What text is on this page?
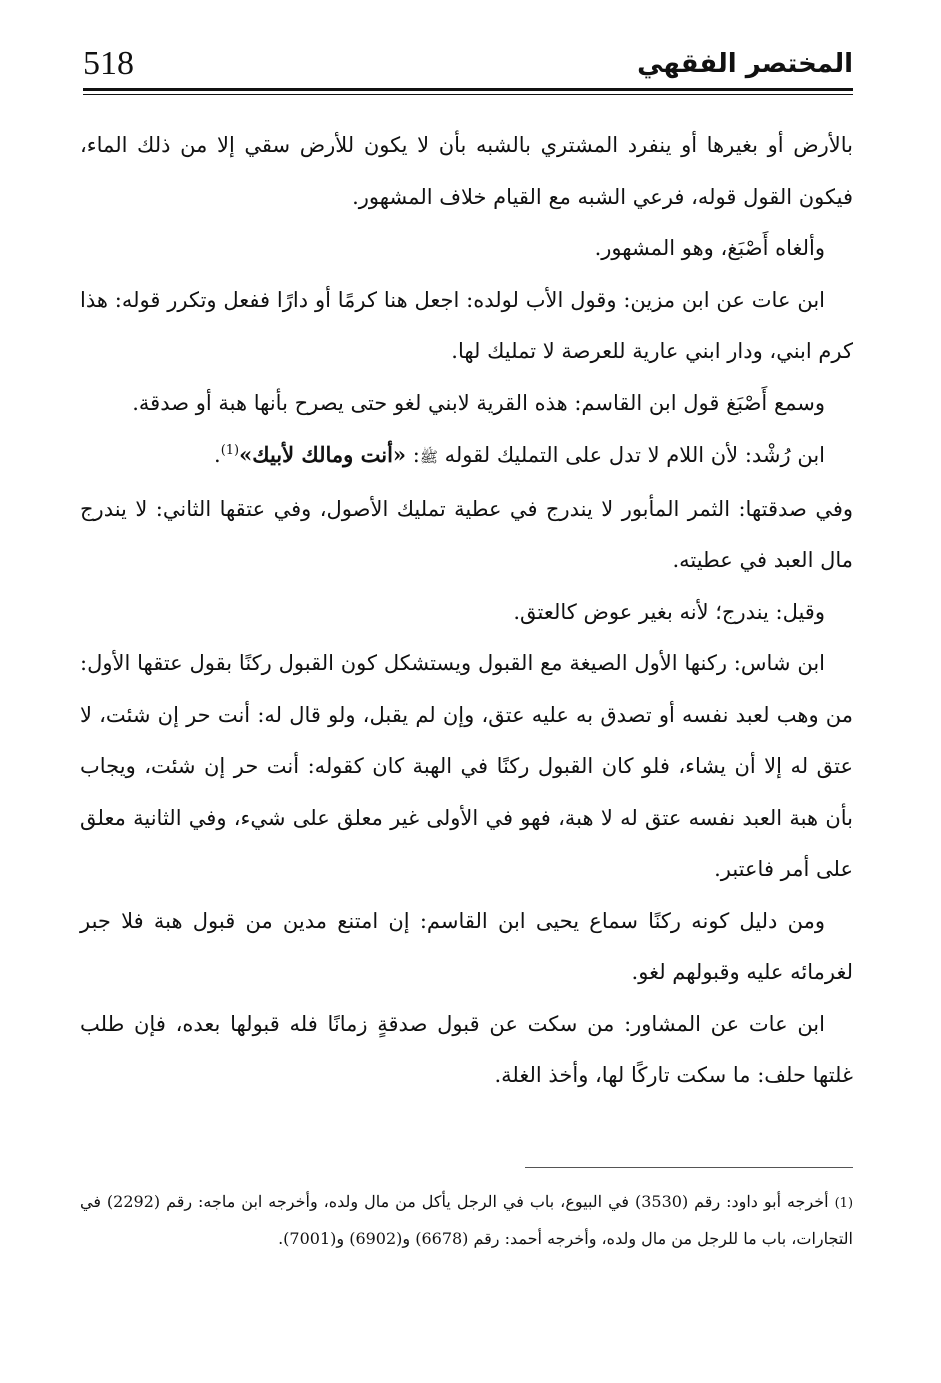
518	المختصر الفقهي

بالأرض أو بغيرها أو ينفرد المشتري بالشبه بأن لا يكون للأرض سقي إلا من ذلك الماء، فيكون القول قوله، فرعي الشبه مع القيام خلاف المشهور.

وألغاه أَصْبَغ، وهو المشهور.

ابن عات عن ابن مزين: وقول الأب لولده: اجعل هنا كرمًا أو دارًا ففعل وتكرر قوله: هذا كرم ابني، ودار ابني عارية للعرصة لا تمليك لها.

وسمع أَصْبَغ قول ابن القاسم: هذه القرية لابني لغو حتى يصرح بأنها هبة أو صدقة.

ابن رُشْد: لأن اللام لا تدل على التمليك لقوله ﷺ: «أنت ومالك لأبيك»$^{(1)}$.

وفي صدقتها: الثمر المأبور لا يندرج في عطية تمليك الأصول، وفي عتقها الثاني: لا يندرج مال العبد في عطيته.

وقيل: يندرج؛ لأنه بغير عوض كالعتق.

ابن شاس: ركنها الأول الصيغة مع القبول ويستشكل كون القبول ركنًا بقول عتقها الأول: من وهب لعبد نفسه أو تصدق به عليه عتق، وإن لم يقبل، ولو قال له: أنت حر إن شئت، لا عتق له إلا أن يشاء، فلو كان القبول ركنًا في الهبة كان كقوله: أنت حر إن شئت، ويجاب بأن هبة العبد نفسه عتق له لا هبة، فهو في الأولى غير معلق على شيء، وفي الثانية معلق على أمر فاعتبر.

ومن دليل كونه ركنًا سماع يحيى ابن القاسم: إن امتنع مدين من قبول هبة فلا جبر لغرمائه عليه وقبولهم لغو.

ابن عات عن المشاور: من سكت عن قبول صدقةٍ زمانًا فله قبولها بعده، فإن طلب غلتها حلف: ما سكت تاركًا لها، وأخذ الغلة.

(1) أخرجه أبو داود: رقم (3530) في البيوع، باب في الرجل يأكل من مال ولده، وأخرجه ابن ماجه: رقم (2292) في التجارات، باب ما للرجل من مال ولده، وأخرجه أحمد: رقم (6678) و(6902) و(7001).
